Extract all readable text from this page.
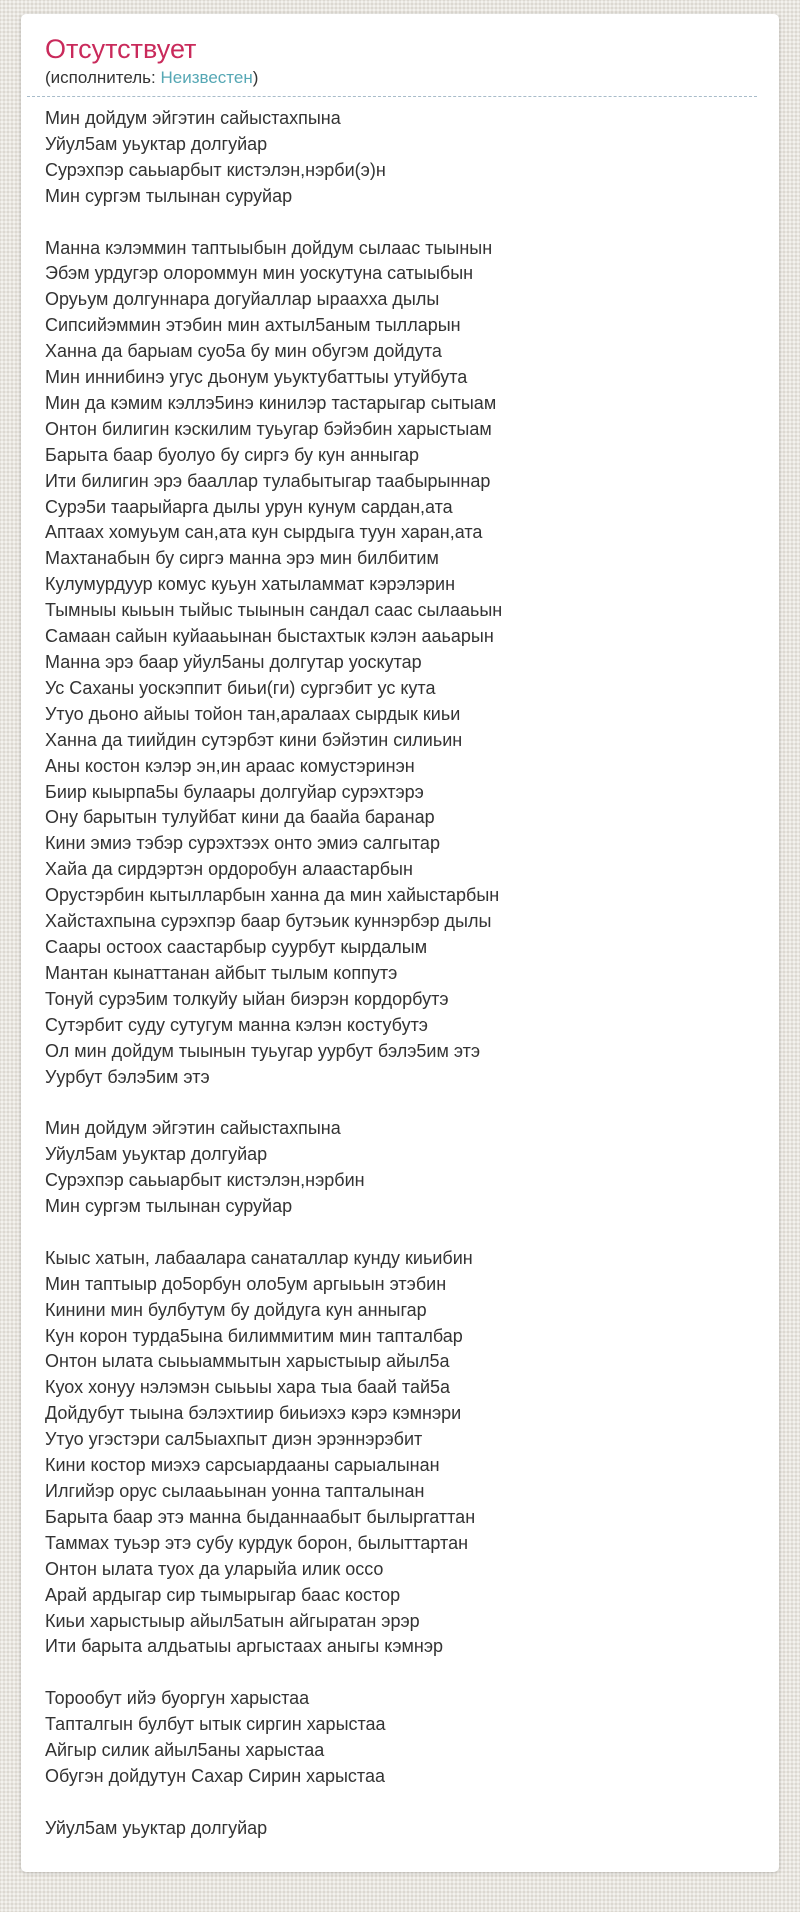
Отсутствует

(исполнитель: Неизвестен)

Мин дойдум эйгэтин сайыстахпына
Уйул5ам уьуктар долгуйар
Сурэхпэр саьыарбыт кистэлэн,нэрби(э)н
Мин сургэм тылынан суруйар
Манна кэлэммин таптыыбын дойдум сылаас тыынын
Эбэм урдугэр олороммун мин уоскутуна сатыыбын
Оруьум долгуннара догуйаллар ыраахха дылы
Сипсийэммин этэбин мин ахтыл5аным тылларын
Ханна да барыам суо5а бу мин обугэм дойдута
Мин иннибинэ угус дьонум уьуктубаттыы утуйбута
Мин да кэмим кэллэ5инэ кинилэр тастарыгар сытыам
Онтон билигин кэскилим туьугар бэйэбин харыстыам
Барыта баар буолуо бу сиргэ бу кун анныгар
Ити билигин эрэ бааллар тулабытыгар таабырыннар
Сурэ5и таарыйарга дылы урун кунум сардан,ата
Аптаах хомуьум сан,ата кун сырдыга туун харан,ата
Махтанабын бу сиргэ манна эрэ мин билбитим
Кулумурдуур комус куьун хатыламмат кэрэлэрин
Тымныы кыьын тыйыс тыынын сандал саас сылааьын
Самаан сайын куйааьынан быстахтык кэлэн ааьарын
Манна эрэ баар уйул5аны долгутар уоскутар
Ус Саханы уоскэппит биьи(ги) сургэбит ус кута
Утуо дьоно айыы тойон тан,аралаах сырдык киьи
Ханна да тиийдин сутэрбэт кини бэйэтин силиьин
Аны костон кэлэр эн,ин араас комустэринэн
Биир кыырпа5ы булаары долгуйар сурэхтэрэ
Ону барытын тулуйбат кини да баайа баранар
Кини эмиэ тэбэр сурэхтээх онто эмиэ салгытар
Хайа да сирдэртэн ордоробун алаастарбын
Орустэрбин кытылларбын ханна да мин хайыстарбын
Хайстахпына сурэхпэр баар бутэьик куннэрбэр дылы
Саары остоох саастарбыр суурбут кырдалым
Мантан кынаттанан айбыт тылым коппутэ
Тонуй сурэ5им толкуйу ыйан биэрэн кордорбутэ
Сутэрбит суду сутугум манна кэлэн костубутэ
Ол мин дойдум тыынын туьугар уурбут бэлэ5им этэ
Уурбут бэлэ5им этэ
Мин дойдум эйгэтин сайыстахпына
Уйул5ам уьуктар долгуйар
Сурэхпэр саьыарбыт кистэлэн,нэрбин
Мин сургэм тылынан суруйар
Кыыс хатын, лабаалара санаталлар кунду киьибин
Мин таптыыр до5орбун оло5ум аргыьын этэбин
Кинини мин булбутум бу дойдуга кун анныгар
Кун корон турда5ына билиммитим мин тапталбар
Онтон ылата сыьыаммытын харыстыыр айыл5а
Куох хонуу нэлэмэн сыьыы хара тыа баай тай5а
Дойдубут тыына бэлэхтиир биьиэхэ кэрэ кэмнэри
Утуо угэстэри сал5ыахпыт диэн эрэннэрэбит
Кини костор миэхэ сарсыардааны сарыалынан
Илгийэр орус сылааьынан уонна тапталынан
Барыта баар этэ манна быданнаабыт былыргаттан
Таммах туьэр этэ субу курдук борон, былыттартан
Онтон ылата туох да уларыйа илик оссо
Арай ардыгар сир тымырыгар баас костор
Киьи харыстыыр айыл5атын айгыратан эрэр
Ити барыта алдьатыы аргыстаах аныгы кэмнэр
Торообут ийэ буоргун харыстаа
Тапталгын булбут ытык сиргин харыстаа
Айгыр силик айыл5аны харыстаа
Обугэн дойдутун Сахар Сирин харыстаа
Уйул5ам уьуктар долгуйар
